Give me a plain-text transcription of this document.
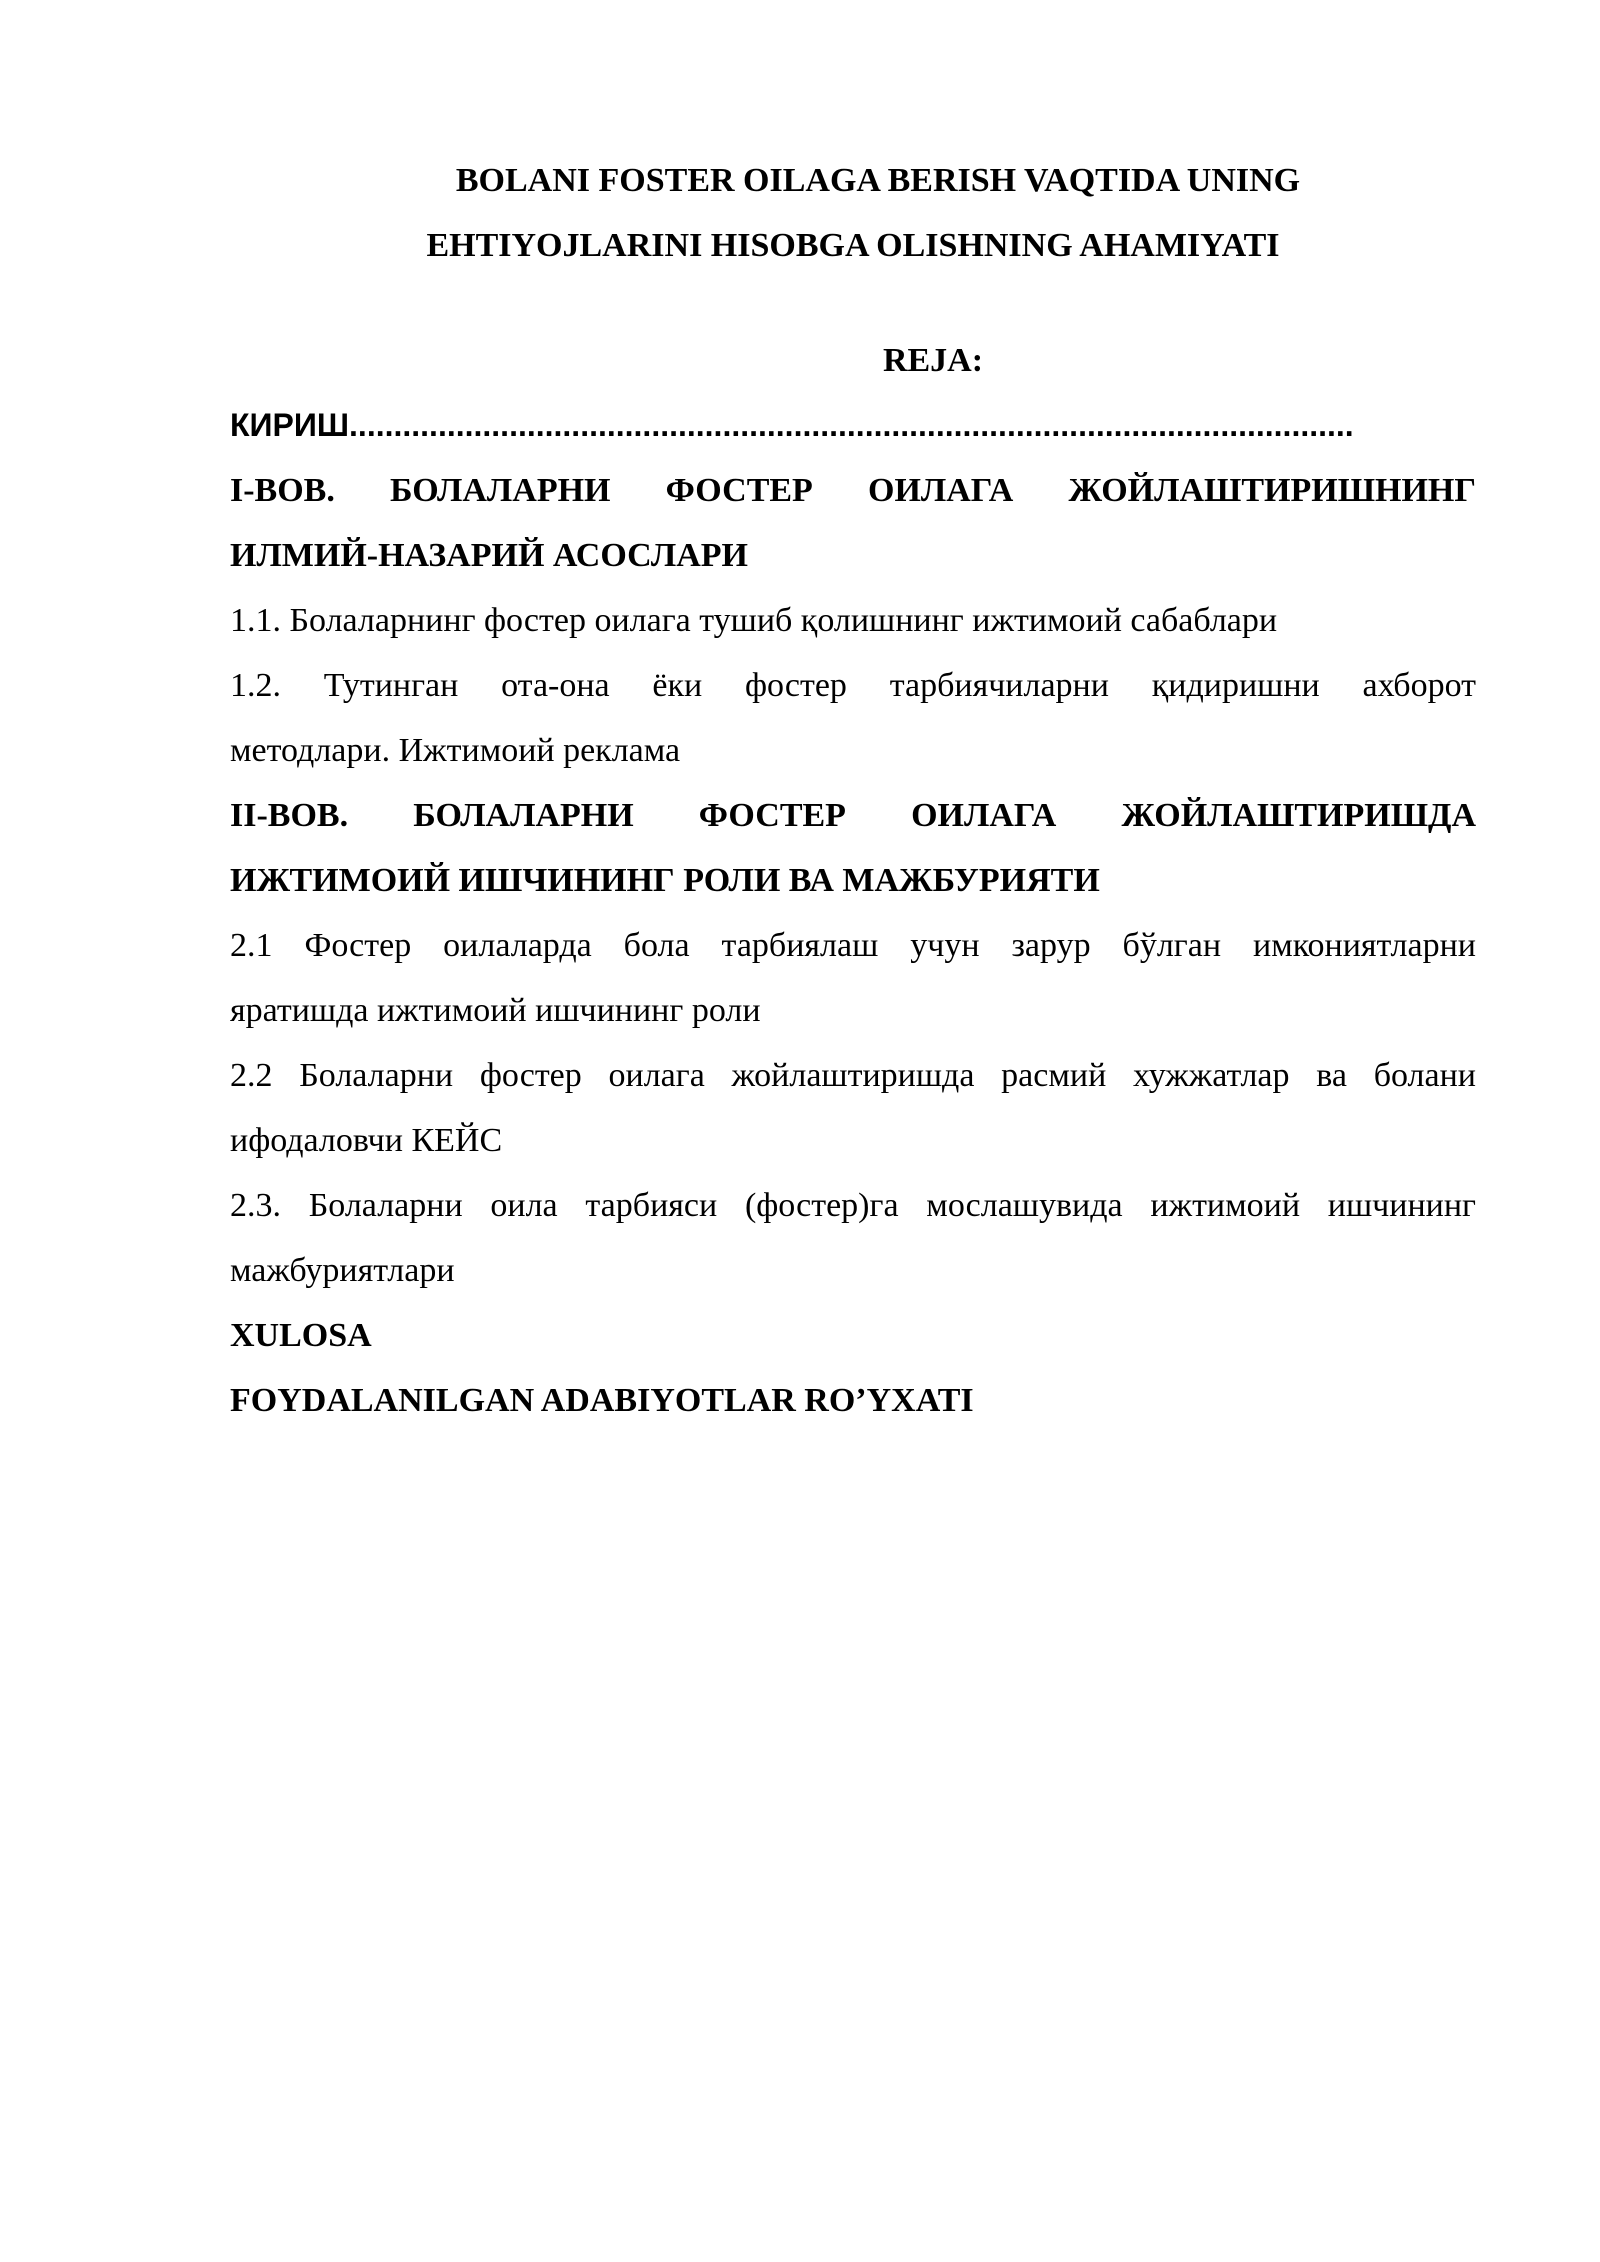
BOLANI FOSTER OILAGA BERISH VAQTIDA UNING
EHTIYOJLARINI HISOBGA OLISHNING AHAMIYATI
REJA:
КИРИШ.................................................................................................................
I-BOB. БОЛАЛАРНИ ФОСТЕР ОИЛАГА ЖОЙЛАШТИРИШНИНГ
ИЛМИЙ-НАЗАРИЙ АСОСЛАРИ
1.1. Болаларнинг фостер оилага тушиб қолишнинг ижтимоий сабаблари
1.2. Тутинган ота-она ёки фостер тарбиячиларни қидиришни ахборот
методлари. Ижтимоий реклама
II-BOB. БОЛАЛАРНИ ФОСТЕР ОИЛАГА ЖОЙЛАШТИРИШДА
ИЖТИМОИЙ ИШЧИНИНГ РОЛИ ВА МАЖБУРИЯТИ
2.1 Фостер оилаларда бола тарбиялаш учун зарур бўлган имкониятларни
яратишда ижтимоий ишчининг роли
2.2 Болаларни фостер оилага жойлаштиришда расмий хужжатлар ва болани
ифодаловчи КЕЙС
2.3. Болаларни оила тарбияси (фостер)га мослашувида ижтимоий ишчининг
мажбуриятлари
XULOSA
FOYDALANILGAN ADABIYOTLAR RO’YXATI
